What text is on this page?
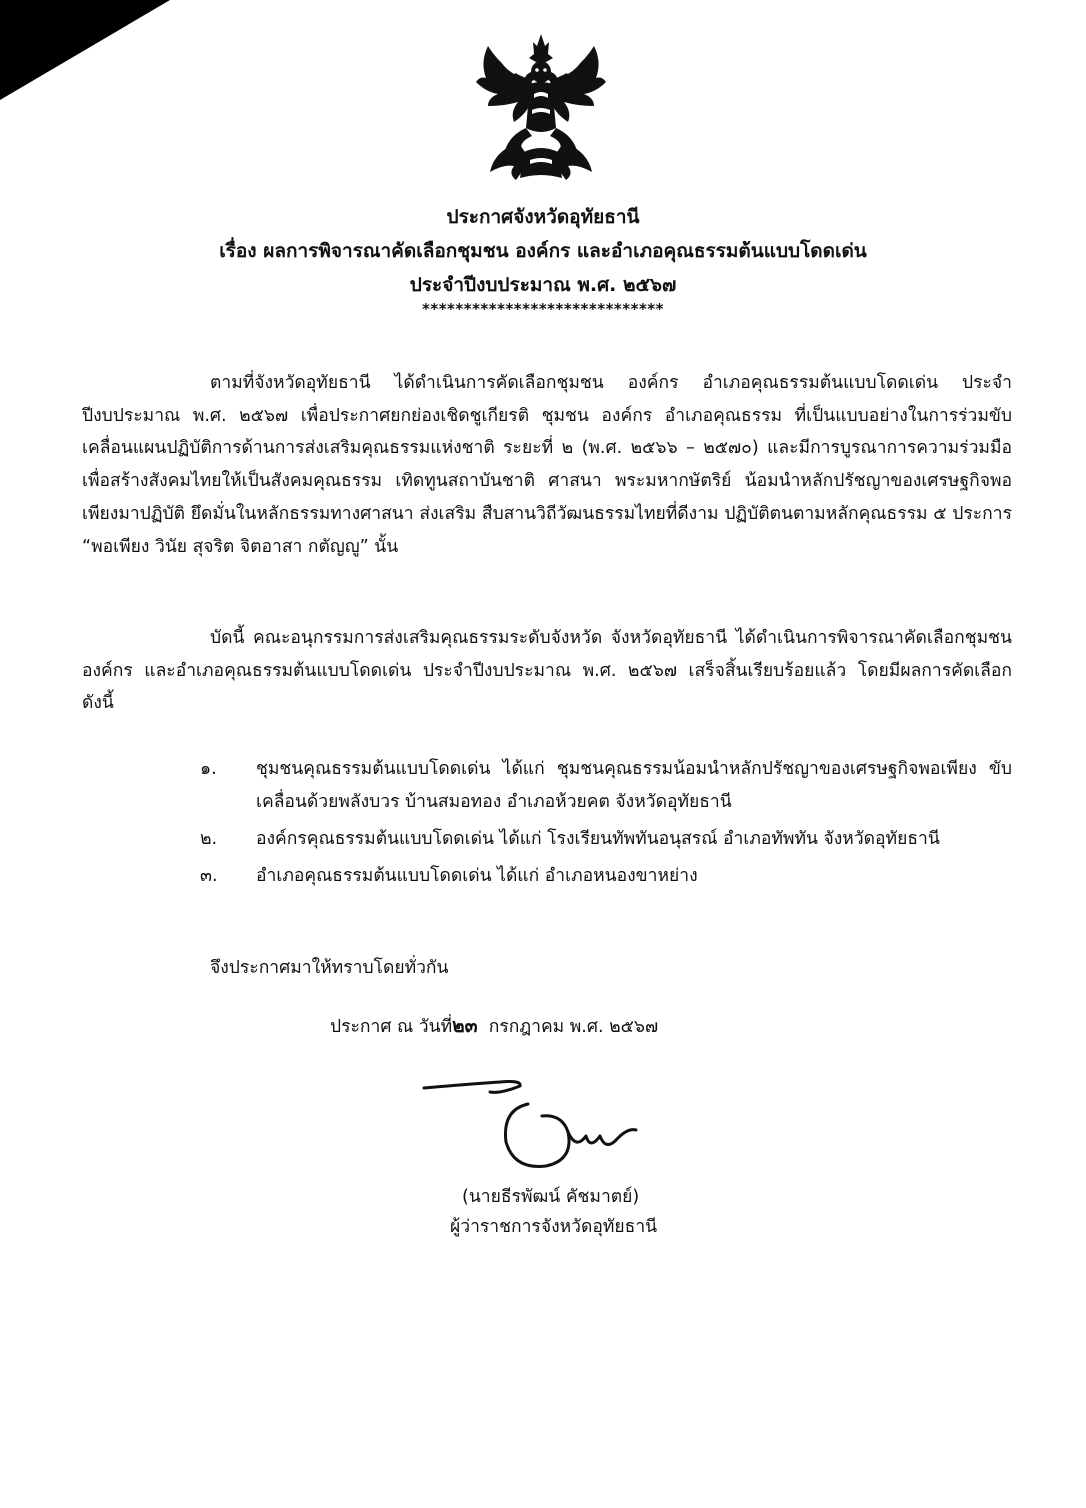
ประกาศจังหวัดอุทัยธานี
เรื่อง ผลการพิจารณาคัดเลือกชุมชน องค์กร และอำเภอคุณธรรมต้นแบบโดดเด่น
ประจำปีงบประมาณ พ.ศ. ๒๕๖๗
*****************************
ตามที่จังหวัดอุทัยธานี ได้ดำเนินการคัดเลือกชุมชน องค์กร อำเภอคุณธรรมต้นแบบโดดเด่น ประจำปีงบประมาณ พ.ศ. ๒๕๖๗ เพื่อประกาศยกย่องเชิดชูเกียรติ ชุมชน องค์กร อำเภอคุณธรรม ที่เป็นแบบอย่างในการร่วมขับเคลื่อนแผนปฏิบัติการด้านการส่งเสริมคุณธรรมแห่งชาติ ระยะที่ ๒ (พ.ศ. ๒๕๖๖ – ๒๕๗๐) และมีการบูรณาการความร่วมมือ เพื่อสร้างสังคมไทยให้เป็นสังคมคุณธรรม เทิดทูนสถาบันชาติ ศาสนา พระมหากษัตริย์ น้อมนำหลักปรัชญาของเศรษฐกิจพอเพียงมาปฏิบัติ ยึดมั่นในหลักธรรมทางศาสนา ส่งเสริม สืบสานวิถีวัฒนธรรมไทยที่ดีงาม ปฏิบัติตนตามหลักคุณธรรม ๕ ประการ “พอเพียง วินัย สุจริต จิตอาสา กตัญญู” นั้น
บัดนี้ คณะอนุกรรมการส่งเสริมคุณธรรมระดับจังหวัด จังหวัดอุทัยธานี ได้ดำเนินการพิจารณาคัดเลือกชุมชน องค์กร และอำเภอคุณธรรมต้นแบบโดดเด่น ประจำปีงบประมาณ พ.ศ. ๒๕๖๗ เสร็จสิ้นเรียบร้อยแล้ว โดยมีผลการคัดเลือก ดังนี้
๑. ชุมชนคุณธรรมต้นแบบโดดเด่น ได้แก่ ชุมชนคุณธรรมน้อมนำหลักปรัชญาของเศรษฐกิจพอเพียง ขับเคลื่อนด้วยพลังบวร บ้านสมอทอง อำเภอห้วยคต จังหวัดอุทัยธานี
๒. องค์กรคุณธรรมต้นแบบโดดเด่น ได้แก่ โรงเรียนทัพทันอนุสรณ์ อำเภอทัพทัน จังหวัดอุทัยธานี
๓. อำเภอคุณธรรมต้นแบบโดดเด่น ได้แก่ อำเภอหนองขาหย่าง
จึงประกาศมาให้ทราบโดยทั่วกัน
ประกาศ ณ วันที่๒๓ กรกฎาคม พ.ศ. ๒๕๖๗
(นายธีรพัฒน์ คัชมาตย์)
ผู้ว่าราชการจังหวัดอุทัยธานี
